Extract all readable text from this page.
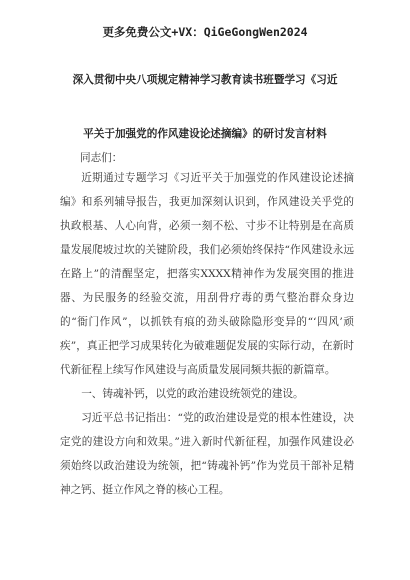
更多免费公文+VX：QiGeGongWen2024
深入贯彻中央八项规定精神学习教育读书班暨学习《习近
平关于加强党的作风建设论述摘编》的研讨发言材料
同志们：

近期通过专题学习《习近平关于加强党的作风建设论述摘编》和系列辅导报告，我更加深刻认识到，作风建设关乎党的执政根基、人心向背，必须一刻不松、寸步不让特别是在高质量发展爬坡过坎的关键阶段，我们必须始终保持“作风建设永远在路上”的清醒坚定，把落实XXXX精神作为发展突围的推进器、为民服务的经验交流，用刮骨疗毒的勇气整治群众身边的“衙门作风”，以抓铁有痕的劲头破除隐形变异的“‘四风’顽疾”，真正把学习成果转化为破难题促发展的实际行动，在新时代新征程上续写作风建设与高质量发展同频共振的新篇章。

一、铸魂补钙，以党的政治建设统领党的建设。

习近平总书记指出：“党的政治建设是党的根本性建设，决定党的建设方向和效果。”进入新时代新征程，加强作风建设必须始终以政治建设为统领，把“铸魂补钙”作为党员干部补足精神之钙、挺立作风之脊的核心工程。
